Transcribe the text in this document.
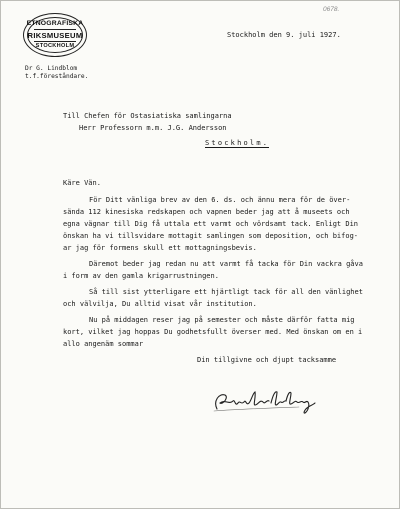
ETNOGRAFISKA
RIKSMUSEUM
STOCKHOLM
0678.
Stockholm den 9. juli 1927.
Dr G. Lindblom
t.f.föreståndare.
Till Chefen för Ostasiatiska samlingarna
Herr Professorn m.m. J.G. Andersson
Stockholm.
Käre Vän.
För Ditt vänliga brev av den 6. ds. och ännu mera för de över-
sända 112 kinesiska redskapen och vapnen beder jag att å museets och
egna vägnar till Dig få uttala ett varmt och vördsamt tack. Enligt Din
önskan ha vi tillsvidare mottagit samlingen som deposition, och bifog-
ar jag för formens skull ett mottagningsbevis.
Däremot beder jag redan nu att varmt få tacka för Din vackra gåva
i form av den gamla krigarrustningen.
Så till sist ytterligare ett hjärtligt tack för all den vänlighet
och välvilja, Du alltid visat vår institution.
Nu på middagen reser jag på semester och måste därför fatta mig
kort, vilket jag hoppas Du godhetsfullt överser med. Med önskan om en i
allo angenäm sommar
Din tillgivne och djupt tacksamme
